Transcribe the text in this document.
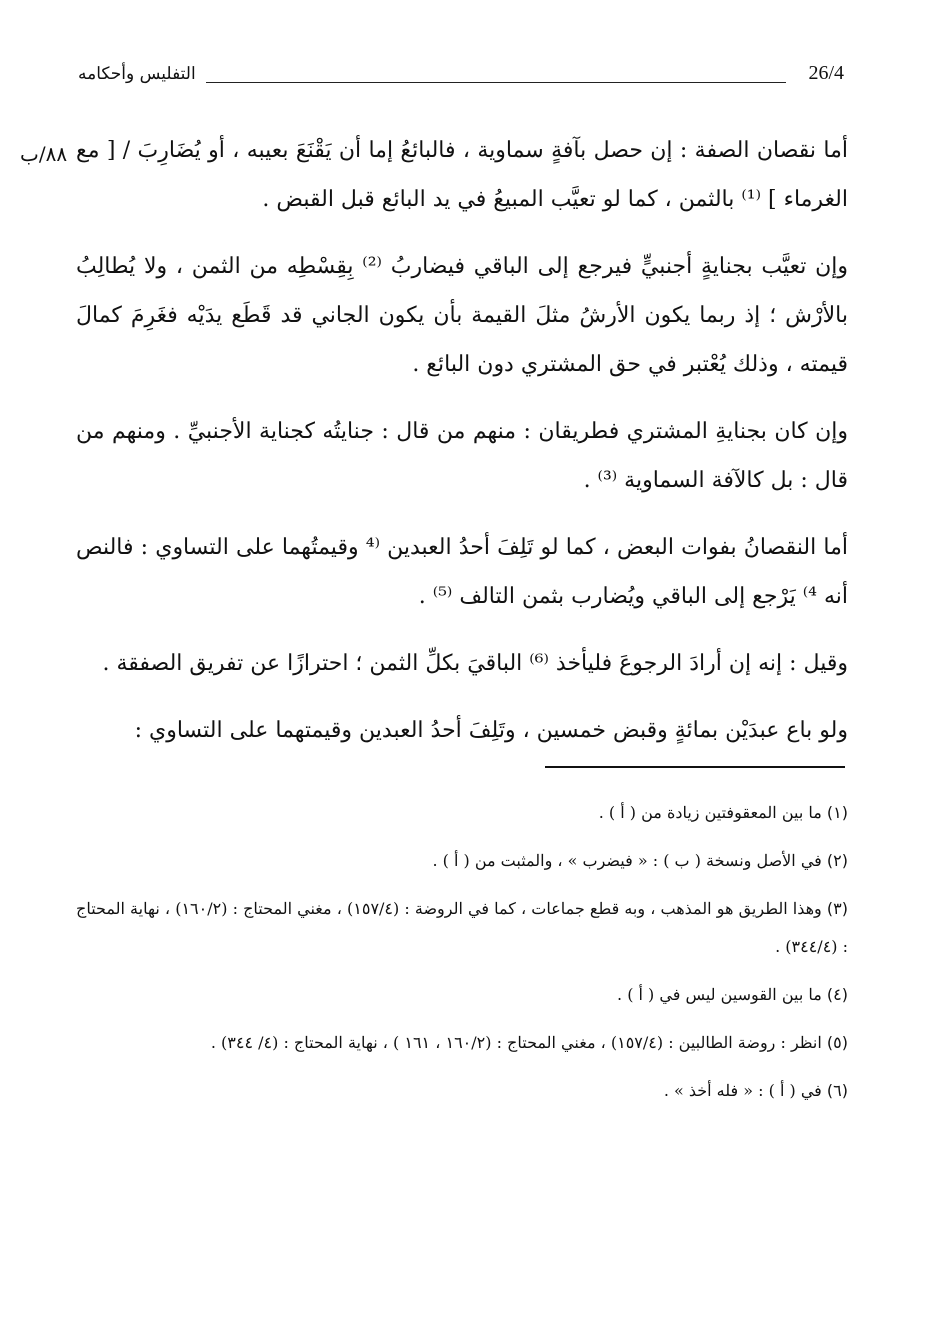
26/4
التفليس وأحكامه
٨٨/ب أما نقصان الصفة : إن حصل بآفةٍ سماوية ، فالبائعُ إما أن يَقْنَعَ بعيبه ، أو يُضَارِبَ / [ مع الغرماء ] ⁽¹⁾ بالثمن ، كما لو تعيَّب المبيعُ في يد البائع قبل القبض .

وإن تعيَّب بجنايةٍ أجنبيٍّ فيرجع إلى الباقي فيضاربُ ⁽²⁾ بِقِسْطِه من الثمن ، ولا يُطالِبُ بالأرْش ؛ إذ ربما يكون الأرشُ مثلَ القيمة بأن يكون الجاني قد قَطَع يدَيْه فغَرِمَ كمالَ قيمته ، وذلك يُعْتبر في حق المشتري دون البائع .

وإن كان بجنايةِ المشتري فطريقان : منهم من قال : جنايتُه كجناية الأجنبيِّ . ومنهم من قال : بل كالآفة السماوية ⁽³⁾ .

أما النقصانُ بفوات البعض ، كما لو تَلِفَ أحدُ العبدين ⁽⁴ وقيمتُهما على التساوي : فالنص أنه ⁴⁾ يَرْجع إلى الباقي ويُضارب بثمن التالف ⁽⁵⁾ .

وقيل : إنه إن أرادَ الرجوعَ فليأخذ ⁽⁶⁾ الباقيَ بكلِّ الثمن ؛ احترازًا عن تفريق الصفقة .

ولو باع عبدَيْن بمائةٍ وقبض خمسين ، وتَلِفَ أحدُ العبدين وقيمتهما على التساوي :

(١) ما بين المعقوفتين زيادة من ( أ ) .

(٢) في الأصل ونسخة ( ب ) : « فيضرب » ، والمثبت من ( أ ) .

(٣) وهذا الطريق هو المذهب ، وبه قطع جماعات ، كما في الروضة : (١٥٧/٤) ، مغني المحتاج : (١٦٠/٢) ، نهاية المحتاج : (٣٤٤/٤) .

(٤) ما بين القوسين ليس في ( أ ) .

(٥) انظر : روضة الطالبين : (١٥٧/٤) ، مغني المحتاج : (١٦٠/٢ ، ١٦١ ) ، نهاية المحتاج : (٤/ ٣٤٤) .

(٦) في ( أ ) : « فله أخذ » .
